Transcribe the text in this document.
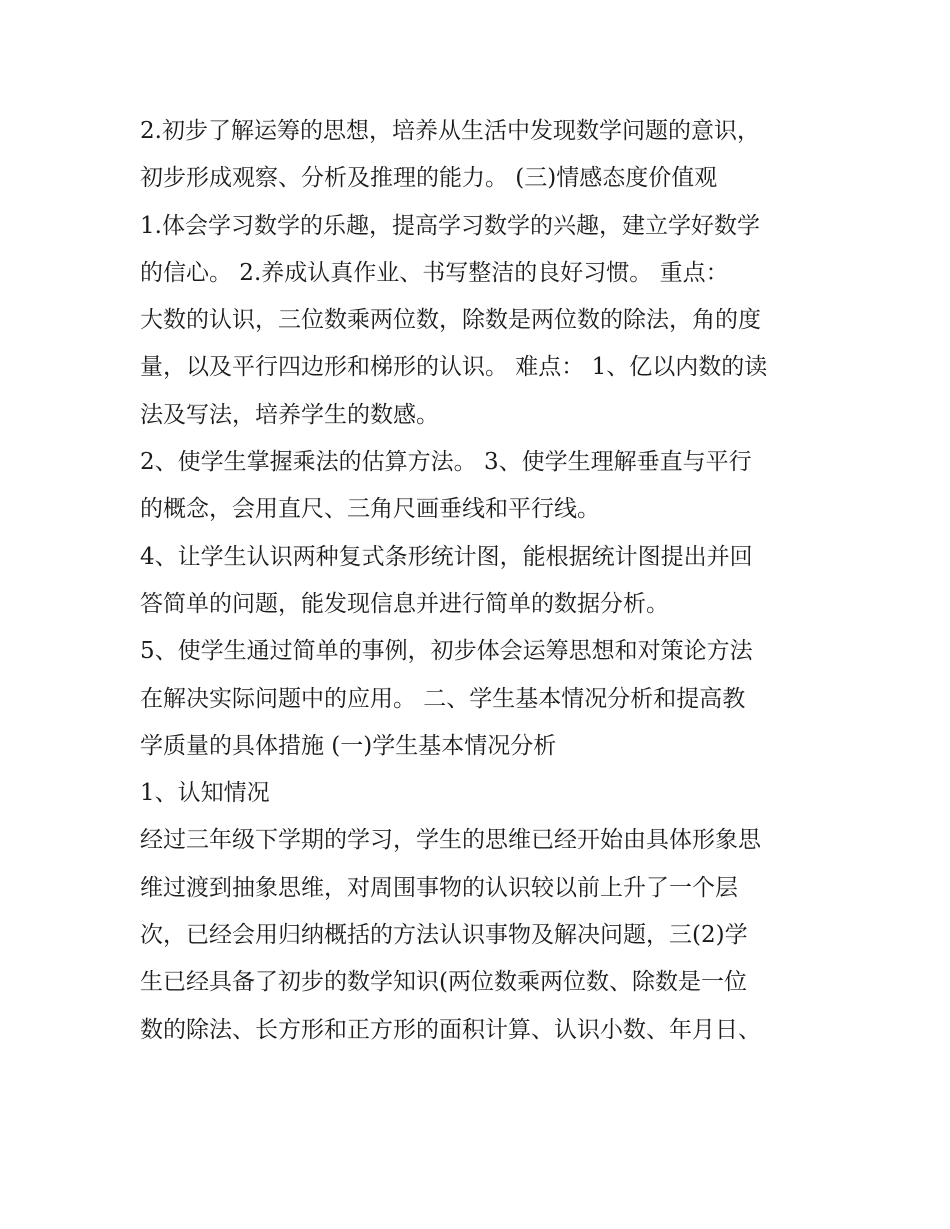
2.初步了解运筹的思想，培养从生活中发现数学问题的意识，
初步形成观察、分析及推理的能力。 (三)情感态度价值观
1.体会学习数学的乐趣，提高学习数学的兴趣，建立学好数学
的信心。 2.养成认真作业、书写整洁的良好习惯。 重点：
大数的认识，三位数乘两位数，除数是两位数的除法，角的度
量，以及平行四边形和梯形的认识。 难点： 1、亿以内数的读
法及写法，培养学生的数感。
2、使学生掌握乘法的估算方法。 3、使学生理解垂直与平行
的概念，会用直尺、三角尺画垂线和平行线。
4、让学生认识两种复式条形统计图，能根据统计图提出并回
答简单的问题，能发现信息并进行简单的数据分析。
5、使学生通过简单的事例，初步体会运筹思想和对策论方法
在解决实际问题中的应用。 二、学生基本情况分析和提高教
学质量的具体措施 (一)学生基本情况分析
1、认知情况
经过三年级下学期的学习，学生的思维已经开始由具体形象思
维过渡到抽象思维，对周围事物的认识较以前上升了一个层
次，已经会用归纳概括的方法认识事物及解决问题，三(2)学
生已经具备了初步的数学知识(两位数乘两位数、除数是一位
数的除法、长方形和正方形的面积计算、认识小数、年月日、
